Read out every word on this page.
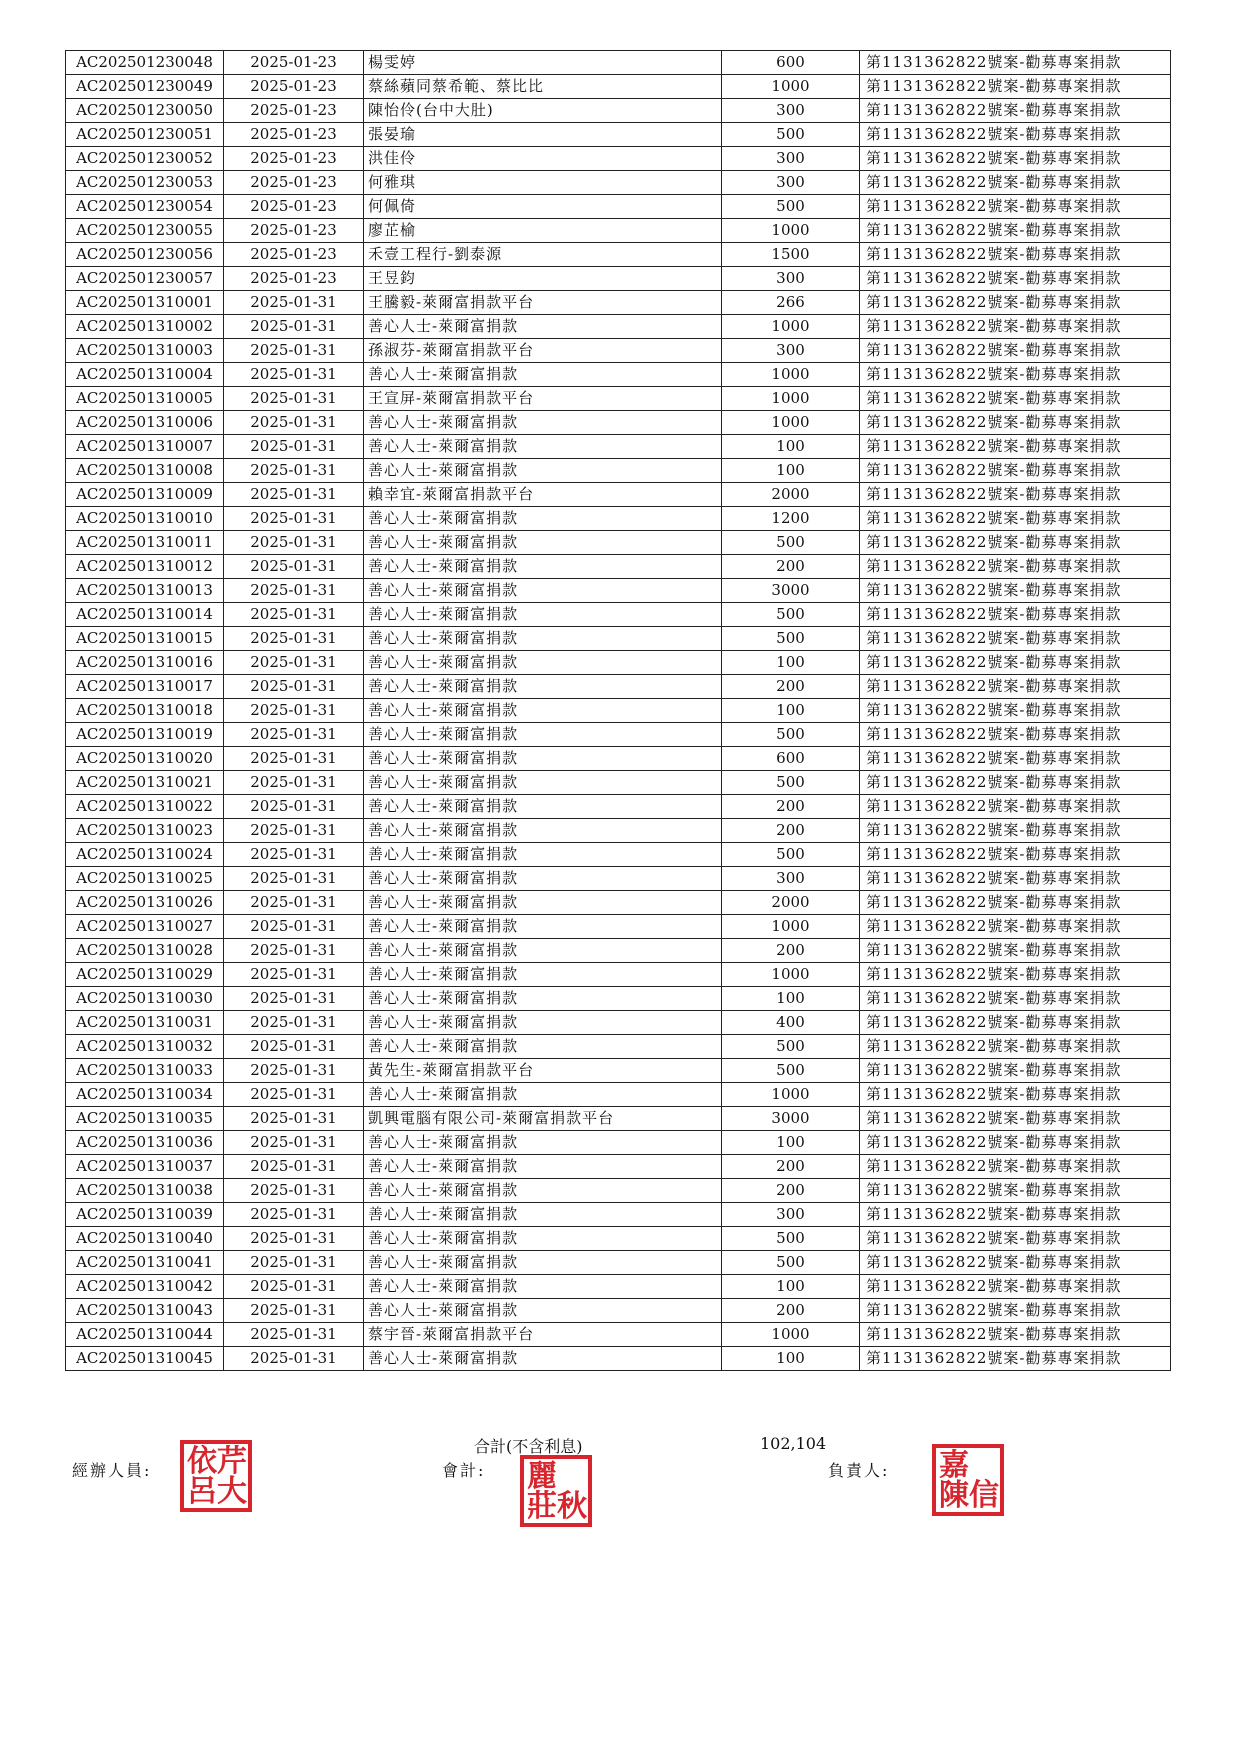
AC202501230048	2025-01-23	楊雯婷	600	第1131362822號案-勸募專案捐款
AC202501230049	2025-01-23	蔡絲蘋同蔡希範、蔡比比	1000	第1131362822號案-勸募專案捐款
AC202501230050	2025-01-23	陳怡伶(台中大肚)	300	第1131362822號案-勸募專案捐款
AC202501230051	2025-01-23	張晏瑜	500	第1131362822號案-勸募專案捐款
AC202501230052	2025-01-23	洪佳伶	300	第1131362822號案-勸募專案捐款
AC202501230053	2025-01-23	何雅琪	300	第1131362822號案-勸募專案捐款
AC202501230054	2025-01-23	何佩倚	500	第1131362822號案-勸募專案捐款
AC202501230055	2025-01-23	廖芷榆	1000	第1131362822號案-勸募專案捐款
AC202501230056	2025-01-23	禾壹工程行-劉泰源	1500	第1131362822號案-勸募專案捐款
AC202501230057	2025-01-23	王昱鈞	300	第1131362822號案-勸募專案捐款
AC202501310001	2025-01-31	王騰毅-萊爾富捐款平台	266	第1131362822號案-勸募專案捐款
AC202501310002	2025-01-31	善心人士-萊爾富捐款	1000	第1131362822號案-勸募專案捐款
AC202501310003	2025-01-31	孫淑芬-萊爾富捐款平台	300	第1131362822號案-勸募專案捐款
AC202501310004	2025-01-31	善心人士-萊爾富捐款	1000	第1131362822號案-勸募專案捐款
AC202501310005	2025-01-31	王宣屏-萊爾富捐款平台	1000	第1131362822號案-勸募專案捐款
AC202501310006	2025-01-31	善心人士-萊爾富捐款	1000	第1131362822號案-勸募專案捐款
AC202501310007	2025-01-31	善心人士-萊爾富捐款	100	第1131362822號案-勸募專案捐款
AC202501310008	2025-01-31	善心人士-萊爾富捐款	100	第1131362822號案-勸募專案捐款
AC202501310009	2025-01-31	賴幸宜-萊爾富捐款平台	2000	第1131362822號案-勸募專案捐款
AC202501310010	2025-01-31	善心人士-萊爾富捐款	1200	第1131362822號案-勸募專案捐款
AC202501310011	2025-01-31	善心人士-萊爾富捐款	500	第1131362822號案-勸募專案捐款
AC202501310012	2025-01-31	善心人士-萊爾富捐款	200	第1131362822號案-勸募專案捐款
AC202501310013	2025-01-31	善心人士-萊爾富捐款	3000	第1131362822號案-勸募專案捐款
AC202501310014	2025-01-31	善心人士-萊爾富捐款	500	第1131362822號案-勸募專案捐款
AC202501310015	2025-01-31	善心人士-萊爾富捐款	500	第1131362822號案-勸募專案捐款
AC202501310016	2025-01-31	善心人士-萊爾富捐款	100	第1131362822號案-勸募專案捐款
AC202501310017	2025-01-31	善心人士-萊爾富捐款	200	第1131362822號案-勸募專案捐款
AC202501310018	2025-01-31	善心人士-萊爾富捐款	100	第1131362822號案-勸募專案捐款
AC202501310019	2025-01-31	善心人士-萊爾富捐款	500	第1131362822號案-勸募專案捐款
AC202501310020	2025-01-31	善心人士-萊爾富捐款	600	第1131362822號案-勸募專案捐款
AC202501310021	2025-01-31	善心人士-萊爾富捐款	500	第1131362822號案-勸募專案捐款
AC202501310022	2025-01-31	善心人士-萊爾富捐款	200	第1131362822號案-勸募專案捐款
AC202501310023	2025-01-31	善心人士-萊爾富捐款	200	第1131362822號案-勸募專案捐款
AC202501310024	2025-01-31	善心人士-萊爾富捐款	500	第1131362822號案-勸募專案捐款
AC202501310025	2025-01-31	善心人士-萊爾富捐款	300	第1131362822號案-勸募專案捐款
AC202501310026	2025-01-31	善心人士-萊爾富捐款	2000	第1131362822號案-勸募專案捐款
AC202501310027	2025-01-31	善心人士-萊爾富捐款	1000	第1131362822號案-勸募專案捐款
AC202501310028	2025-01-31	善心人士-萊爾富捐款	200	第1131362822號案-勸募專案捐款
AC202501310029	2025-01-31	善心人士-萊爾富捐款	1000	第1131362822號案-勸募專案捐款
AC202501310030	2025-01-31	善心人士-萊爾富捐款	100	第1131362822號案-勸募專案捐款
AC202501310031	2025-01-31	善心人士-萊爾富捐款	400	第1131362822號案-勸募專案捐款
AC202501310032	2025-01-31	善心人士-萊爾富捐款	500	第1131362822號案-勸募專案捐款
AC202501310033	2025-01-31	黃先生-萊爾富捐款平台	500	第1131362822號案-勸募專案捐款
AC202501310034	2025-01-31	善心人士-萊爾富捐款	1000	第1131362822號案-勸募專案捐款
AC202501310035	2025-01-31	凱興電腦有限公司-萊爾富捐款平台	3000	第1131362822號案-勸募專案捐款
AC202501310036	2025-01-31	善心人士-萊爾富捐款	100	第1131362822號案-勸募專案捐款
AC202501310037	2025-01-31	善心人士-萊爾富捐款	200	第1131362822號案-勸募專案捐款
AC202501310038	2025-01-31	善心人士-萊爾富捐款	200	第1131362822號案-勸募專案捐款
AC202501310039	2025-01-31	善心人士-萊爾富捐款	300	第1131362822號案-勸募專案捐款
AC202501310040	2025-01-31	善心人士-萊爾富捐款	500	第1131362822號案-勸募專案捐款
AC202501310041	2025-01-31	善心人士-萊爾富捐款	500	第1131362822號案-勸募專案捐款
AC202501310042	2025-01-31	善心人士-萊爾富捐款	100	第1131362822號案-勸募專案捐款
AC202501310043	2025-01-31	善心人士-萊爾富捐款	200	第1131362822號案-勸募專案捐款
AC202501310044	2025-01-31	蔡宇晉-萊爾富捐款平台	1000	第1131362822號案-勸募專案捐款
AC202501310045	2025-01-31	善心人士-萊爾富捐款	100	第1131362822號案-勸募專案捐款
合計(不含利息)	102,104
經辦人員:	會計:	負責人:
依 芹
呂 大	麗
莊 秋
嘉
陳 信
